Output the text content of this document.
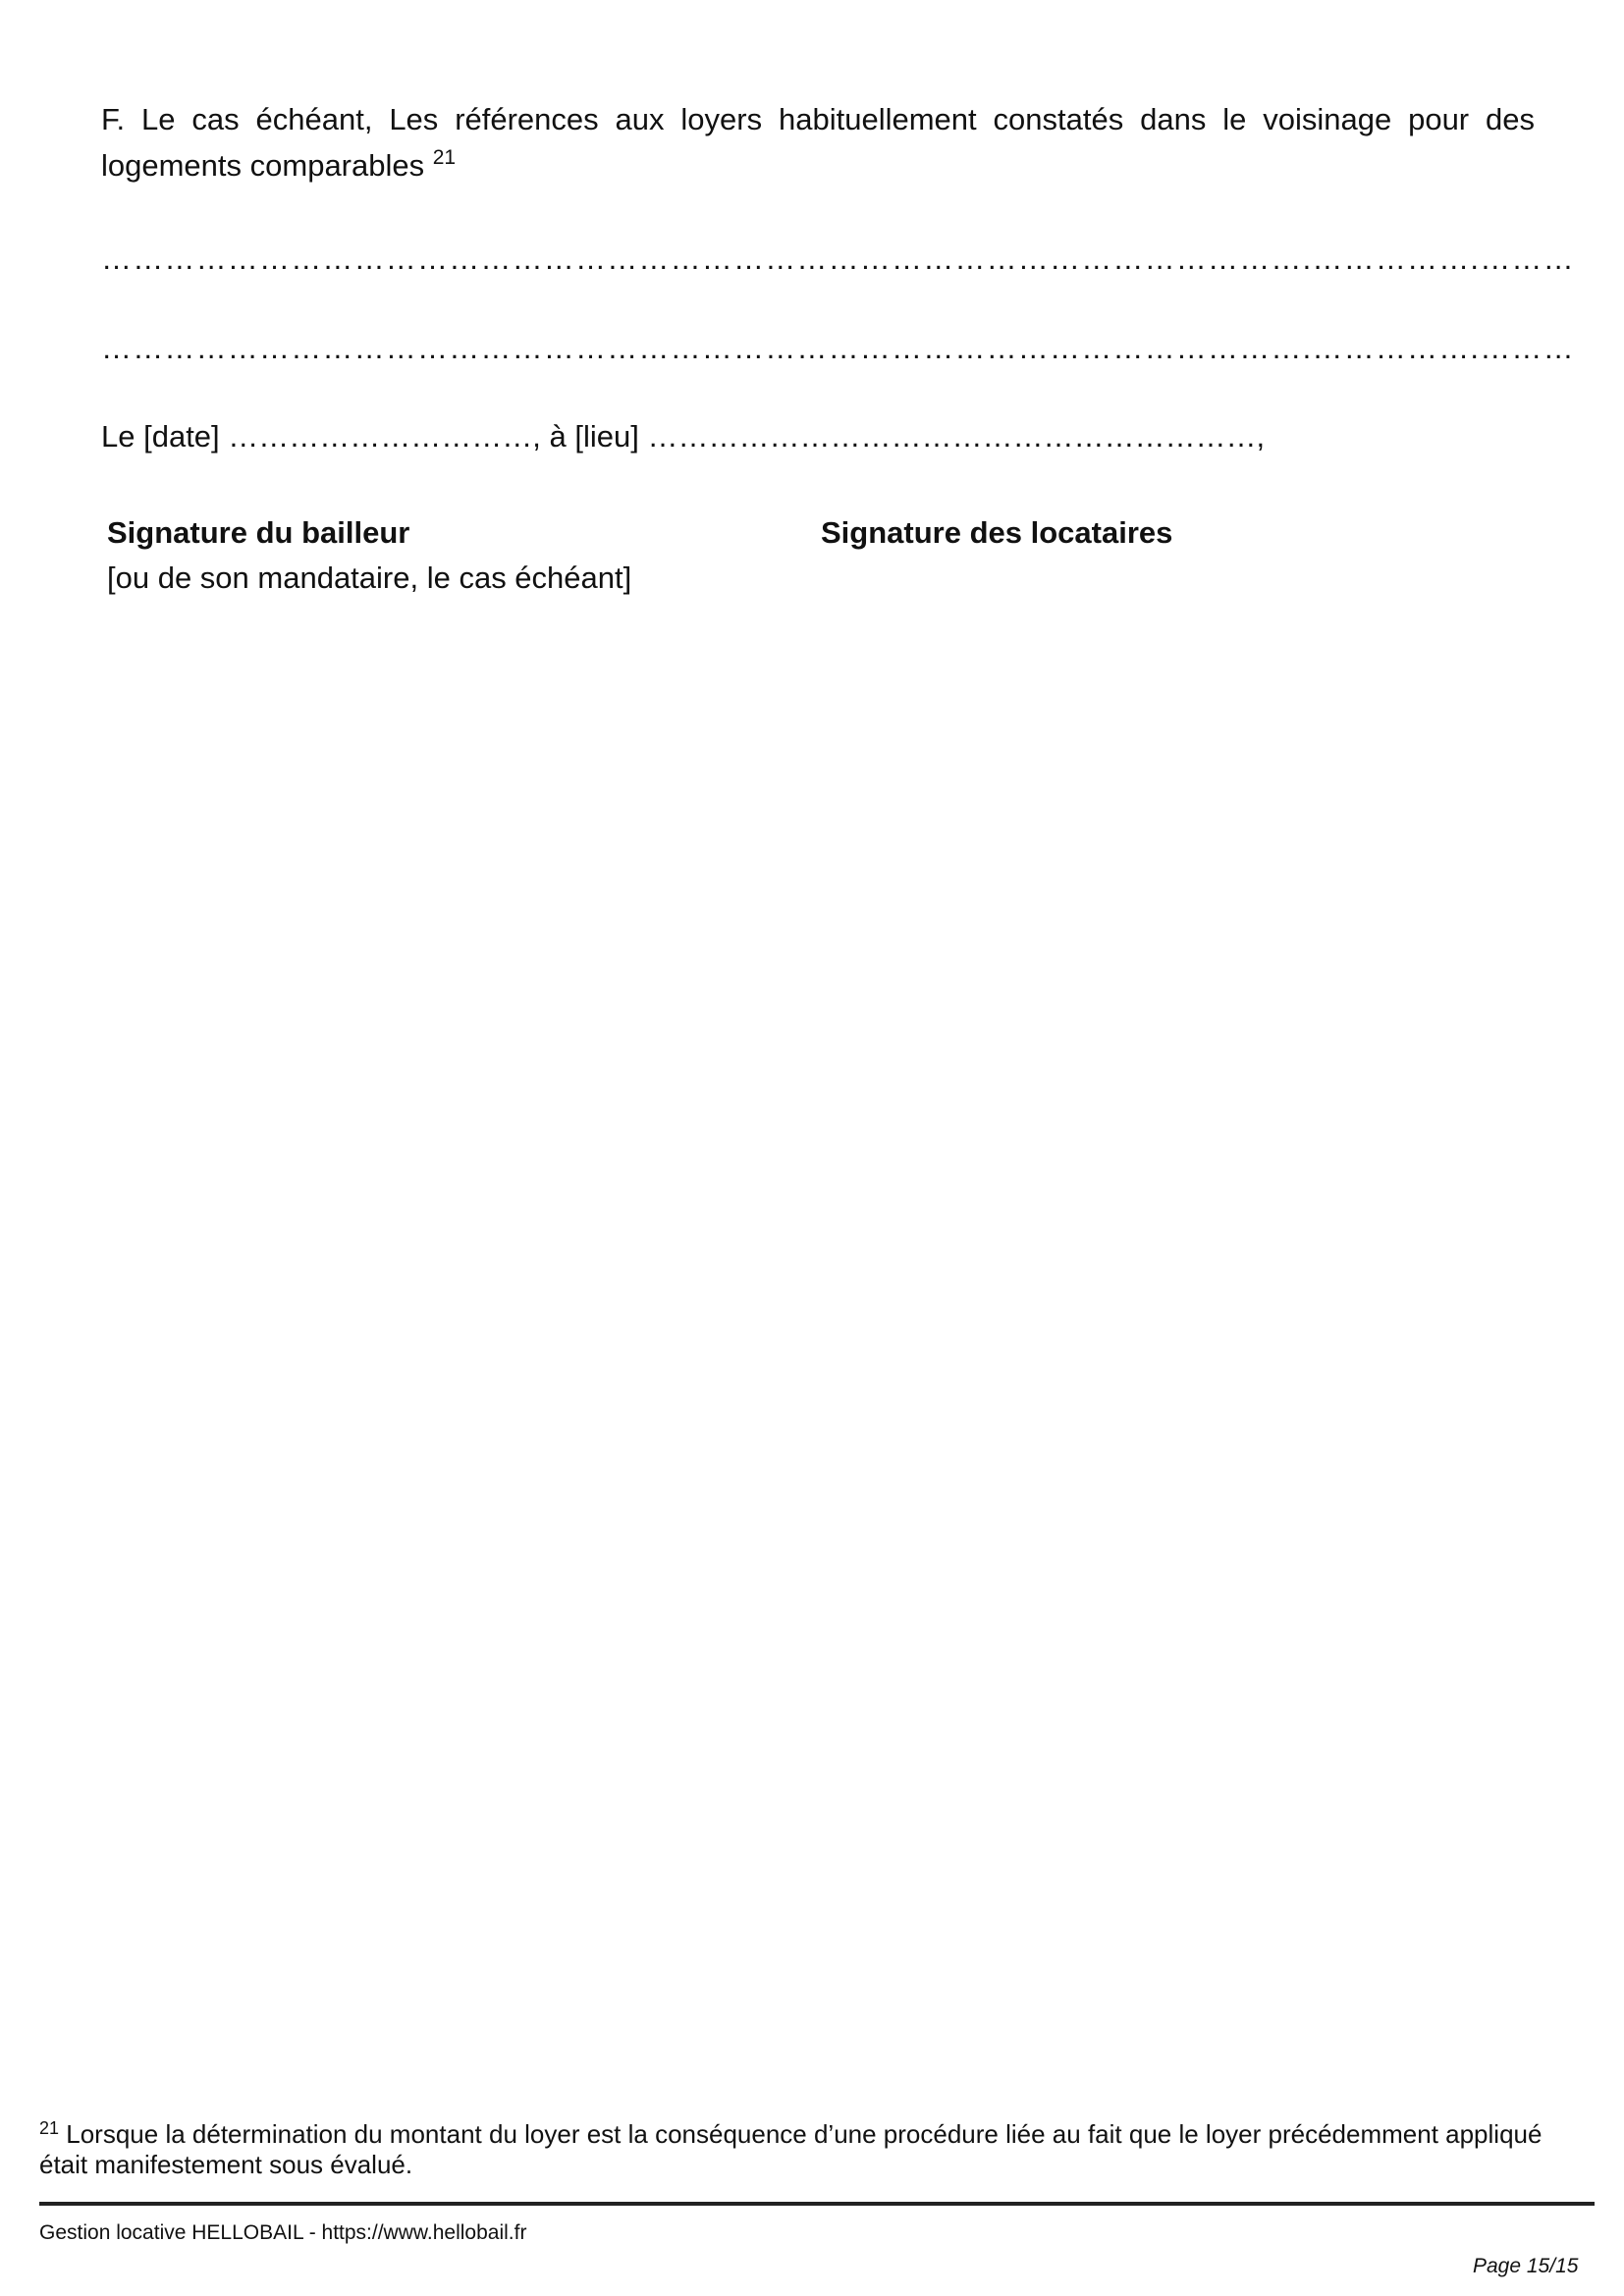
F. Le cas échéant, Les références aux loyers habituellement constatés dans le voisinage pour des logements comparables $^{21}$
…………………………………………………………………………………………………….…………….………
…………………………………………………………………………………………………….…………….………
Le [date] …………………………, à [lieu] ……………………………………………………,
Signature du bailleur
[ou de son mandataire, le cas échéant]
Signature des locataires
$^{21}$ Lorsque la détermination du montant du loyer est la conséquence d’une procédure liée au fait que le loyer précédemment appliqué était manifestement sous évalué.
Gestion locative HELLOBAIL - https://www.hellobail.fr
Page 15/15
